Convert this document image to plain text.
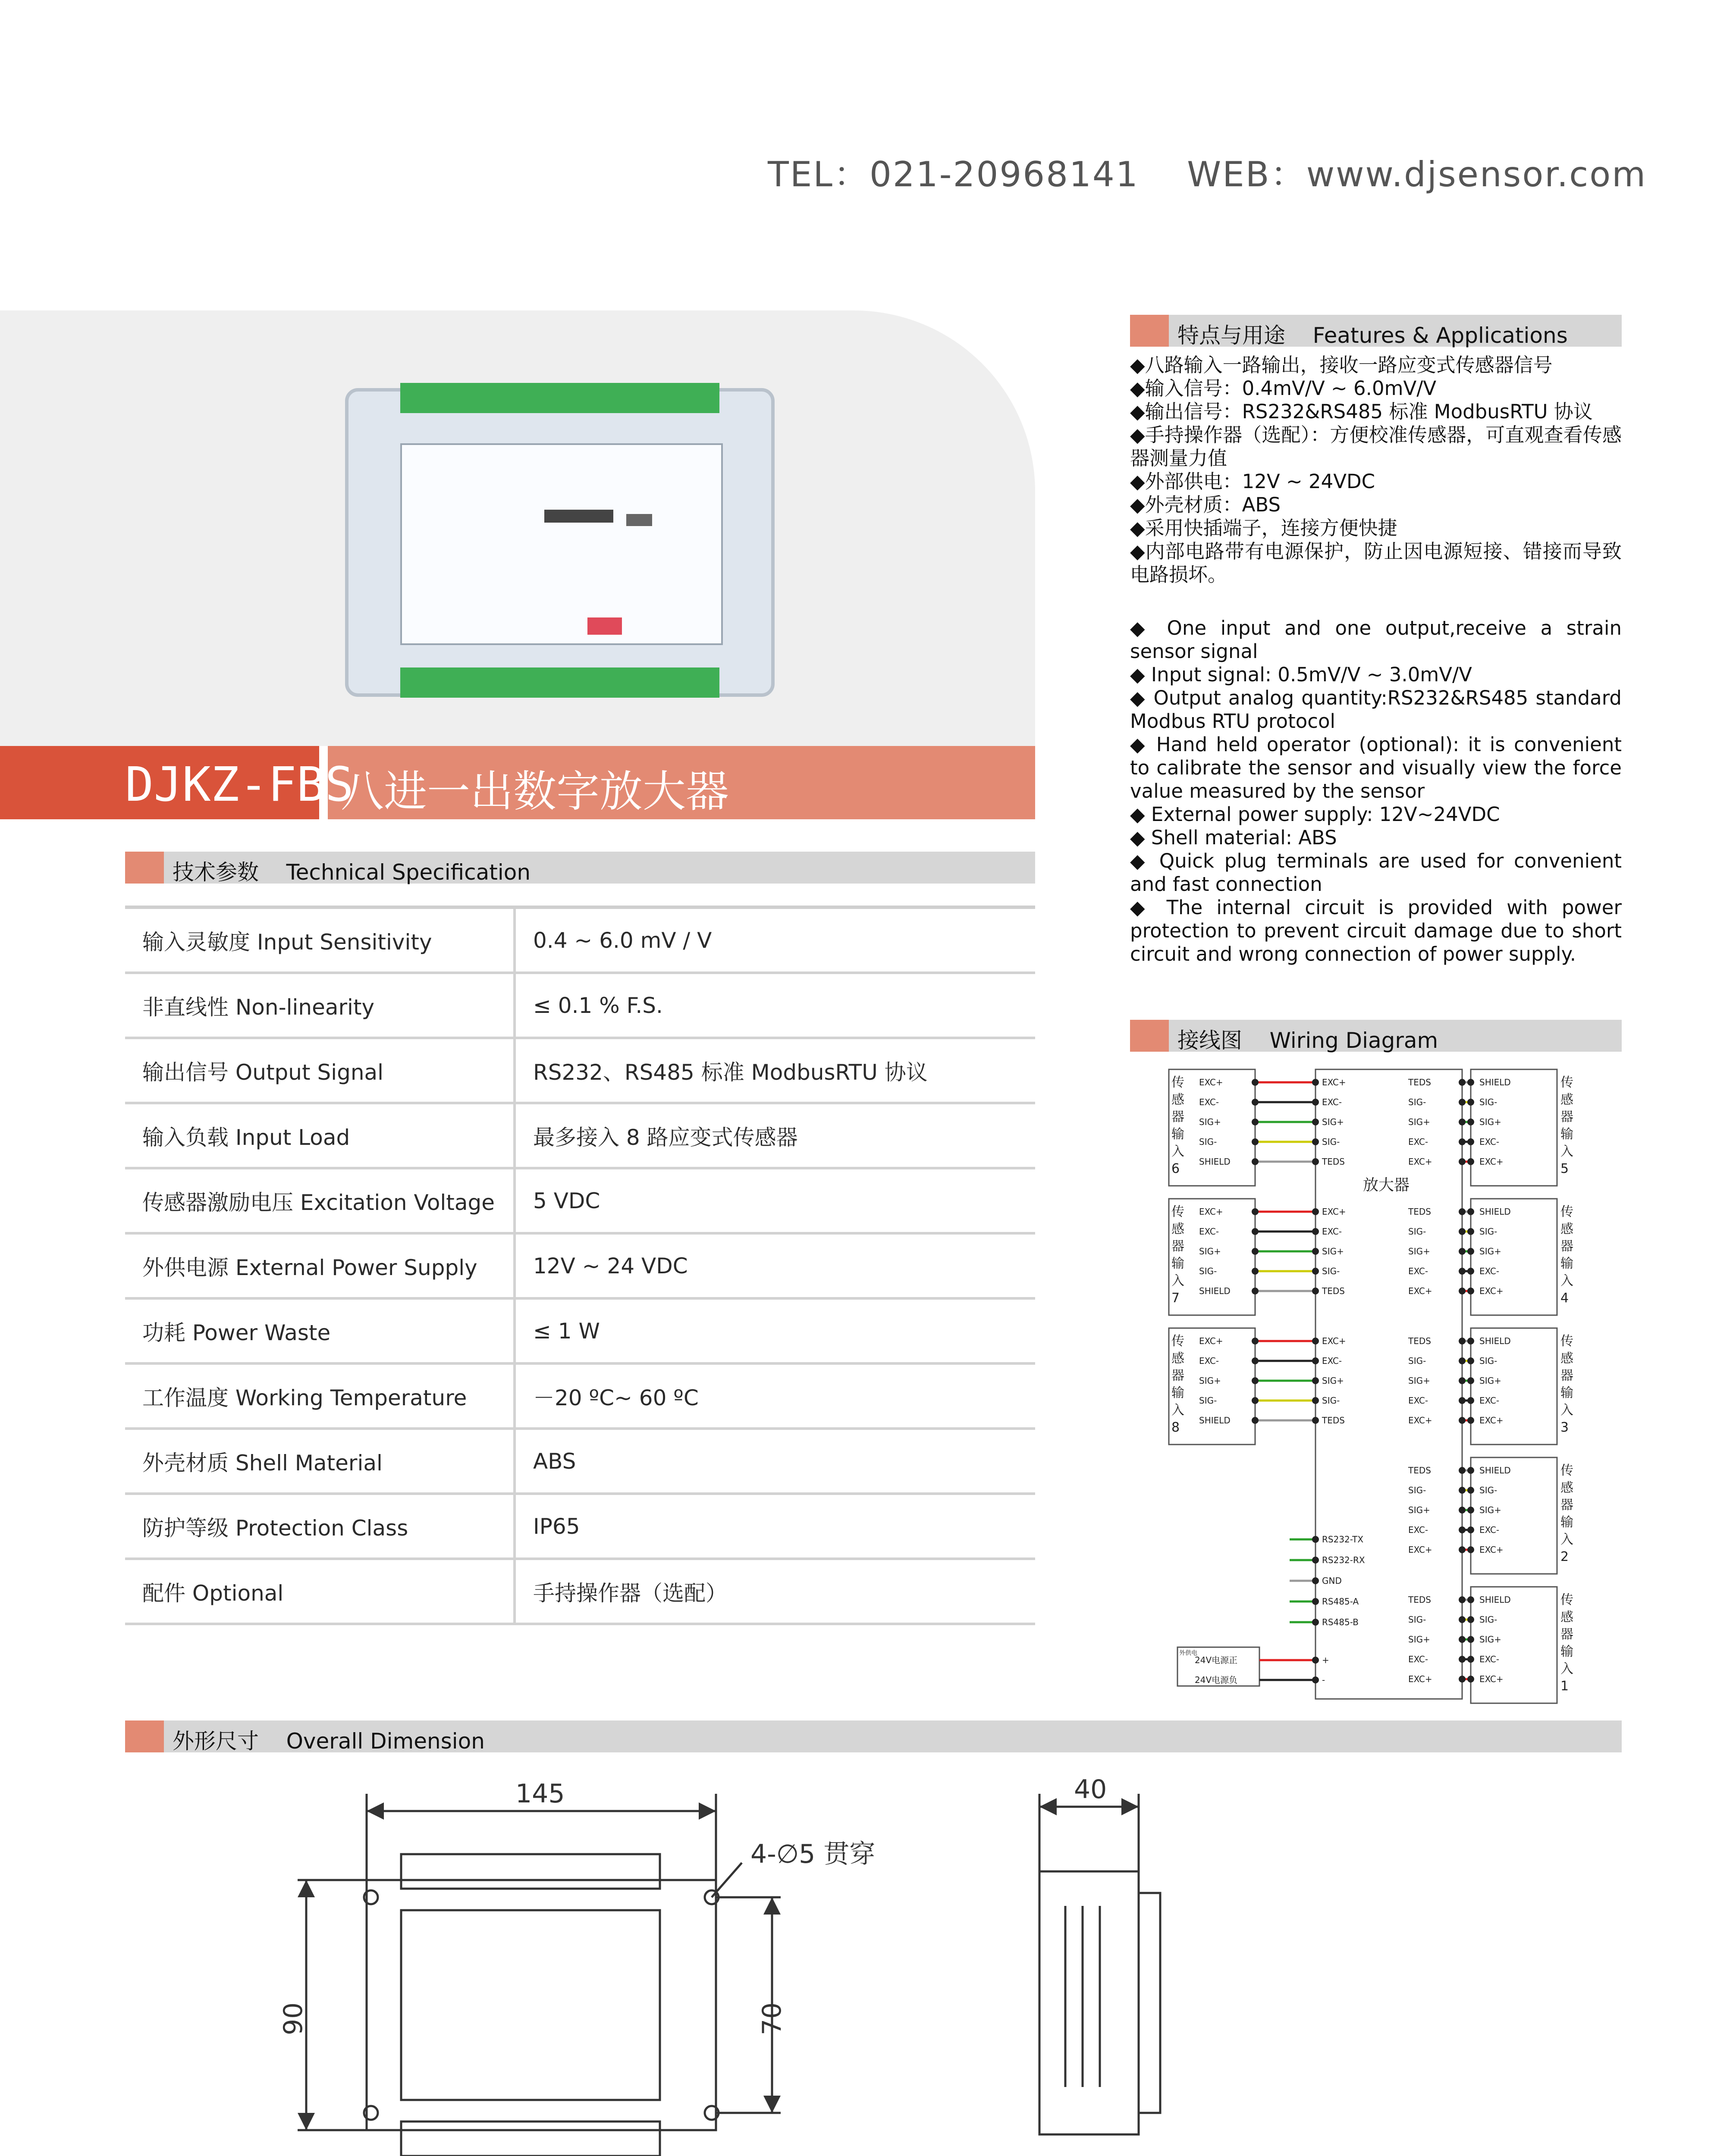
TEL：021-20968141　 WEB：www.djsensor.com
DJKZ-FBS
八进一出数字放大器
技术参数 Technical Specification
输入灵敏度 Input Sensitivity	0.4 ~ 6.0 mV / V
非直线性 Non-linearity	≤ 0.1 % F.S.
输出信号 Output Signal	RS232、RS485 标准 ModbusRTU 协议
输入负载 Input Load	最多接入 8 路应变式传感器
传感器激励电压 Excitation Voltage	5 VDC
外供电源 External Power Supply	12V ~ 24 VDC
功耗 Power Waste	≤ 1 W
工作温度 Working Temperature	－20 ºC~ 60 ºC
外壳材质 Shell Material	ABS
防护等级 Protection Class	IP65
配件 Optional	手持操作器（选配）
特点与用途 Features & Applications

◆八路输入一路输出，接收一路应变式传感器信号

◆输入信号：0.4mV/V ~ 6.0mV/V

◆输出信号：RS232&RS485 标准 ModbusRTU 协议

◆手持操作器（选配）：方便校准传感器，可直观查看传感器测量力值

◆外部供电：12V ~ 24VDC

◆外壳材质：ABS

◆采用快插端子，连接方便快捷

◆内部电路带有电源保护，防止因电源短接、错接而导致电路损坏。

◆ One input and one output,receive a strain sensor signal

◆ Input signal: 0.5mV/V ~ 3.0mV/V

◆ Output analog quantity:RS232&RS485 standard Modbus RTU protocol

◆ Hand held operator (optional): it is convenient to calibrate the sensor and visually view the force value measured by the sensor

◆ External power supply: 12V~24VDC

◆ Shell material: ABS

◆ Quick plug terminals are used for convenient and fast connection

◆ The internal circuit is provided with power protection to prevent circuit damage due to short circuit and wrong connection of power supply.

接线图 Wiring Diagram
放大器
传
感
器
输
入
6
EXC+	EXC+
EXC-	EXC-
SIG+	SIG+
SIG-	SIG-
SHIELD	TEDS
传
感
器
输
入
7
EXC+	EXC+
EXC-	EXC-
SIG+	SIG+
SIG-	SIG-
SHIELD	TEDS
传
感
器
输
入
8
EXC+	EXC+
EXC-	EXC-
SIG+	SIG+
SIG-	SIG-
SHIELD	TEDS
传
感
器
输
入
5
TEDS	SHIELD
SIG-	SIG-
SIG+	SIG+
EXC-	EXC-
EXC+	EXC+
传
感
器
输
入
4
TEDS	SHIELD
SIG-	SIG-
SIG+	SIG+
EXC-	EXC-
EXC+	EXC+
传
感
器
输
入
3
TEDS	SHIELD
SIG-	SIG-
SIG+	SIG+
EXC-	EXC-
EXC+	EXC+
传
感
器
输
入
2
TEDS	SHIELD
SIG-	SIG-
SIG+	SIG+
EXC-	EXC-
EXC+	EXC+
传
感
器
输
入
1
TEDS	SHIELD
SIG-	SIG-
SIG+	SIG+
EXC-	EXC-
EXC+	EXC+
RS232-TX
RS232-RX
GND
RS485-A
RS485-B
外供电
24V电源正	+
24V电源负	-
外形尺寸 Overall Dimension
145
90	70
4-∅5 贯穿
40
